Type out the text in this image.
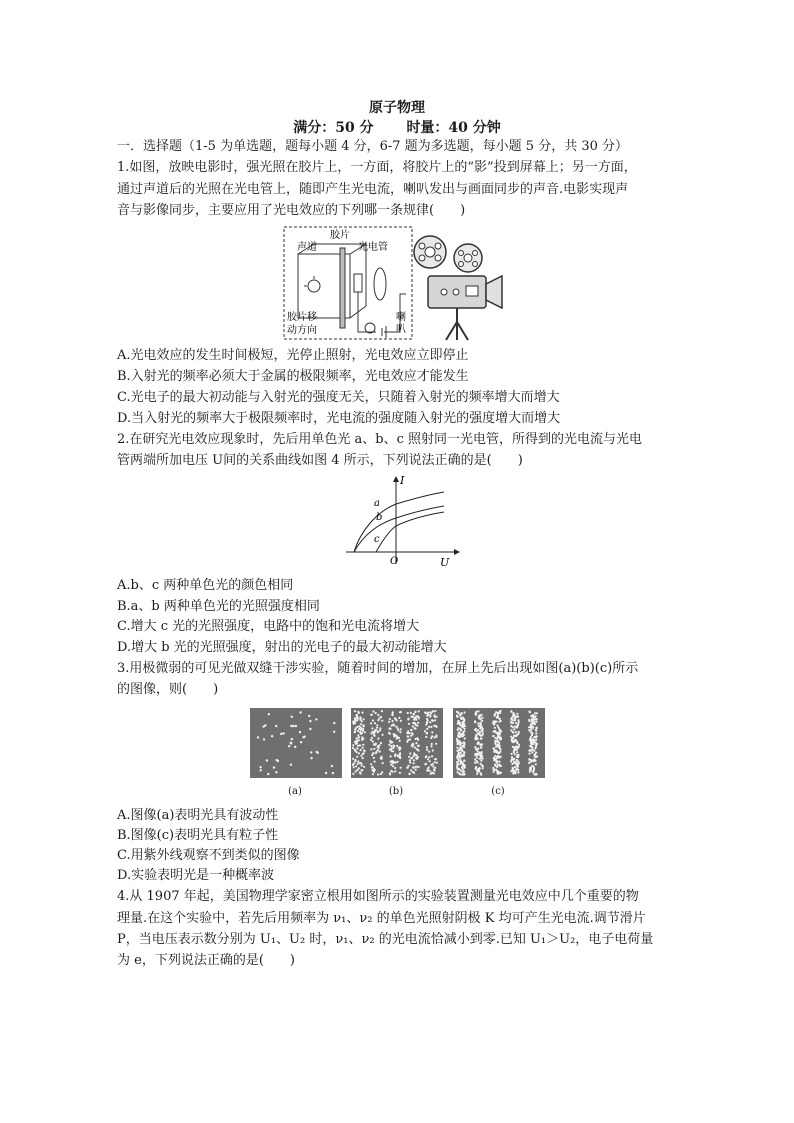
原子物理
满分：50 分 时量：40 分钟
一．选择题（1-5 为单选题，题每小题 4 分，6-7 题为多选题，每小题 5 分，共 30 分）
1.如图，放映电影时，强光照在胶片上，一方面，将胶片上的“影”投到屏幕上；另一方面，
通过声道后的光照在光电管上，随即产生光电流，喇叭发出与画面同步的声音.电影实现声
音与影像同步，主要应用了光电效应的下列哪一条规律(　　)
胶片
声道	光电管
胶片移
动方向
喇
叭
A.光电效应的发生时间极短，光停止照射，光电效应立即停止
B.入射光的频率必须大于金属的极限频率，光电效应才能发生
C.光电子的最大初动能与入射光的强度无关，只随着入射光的频率增大而增大
D.当入射光的频率大于极限频率时，光电流的强度随入射光的强度增大而增大
2.在研究光电效应现象时，先后用单色光 a、b、c 照射同一光电管，所得到的光电流与光电
管两端所加电压 U间的关系曲线如图 4 所示，下列说法正确的是(　　)
a
b
c
I
U
O
A.b、c 两种单色光的颜色相同
B.a、b 两种单色光的光照强度相同
C.增大 c 光的光照强度，电路中的饱和光电流将增大
D.增大 b 光的光照强度，射出的光电子的最大初动能增大
3.用极微弱的可见光做双缝干涉实验，随着时间的增加，在屏上先后出现如图(a)(b)(c)所示
的图像，则(　　)
(a)	(b)	(c)
A.图像(a)表明光具有波动性
B.图像(c)表明光具有粒子性
C.用紫外线观察不到类似的图像
D.实验表明光是一种概率波
4.从 1907 年起，美国物理学家密立根用如图所示的实验装置测量光电效应中几个重要的物
理量.在这个实验中，若先后用频率为 ν₁、ν₂ 的单色光照射阴极 K 均可产生光电流.调节滑片
P，当电压表示数分别为 U₁、U₂ 时，ν₁、ν₂ 的光电流恰减小到零.已知 U₁＞U₂，电子电荷量
为 e，下列说法正确的是(　　)
